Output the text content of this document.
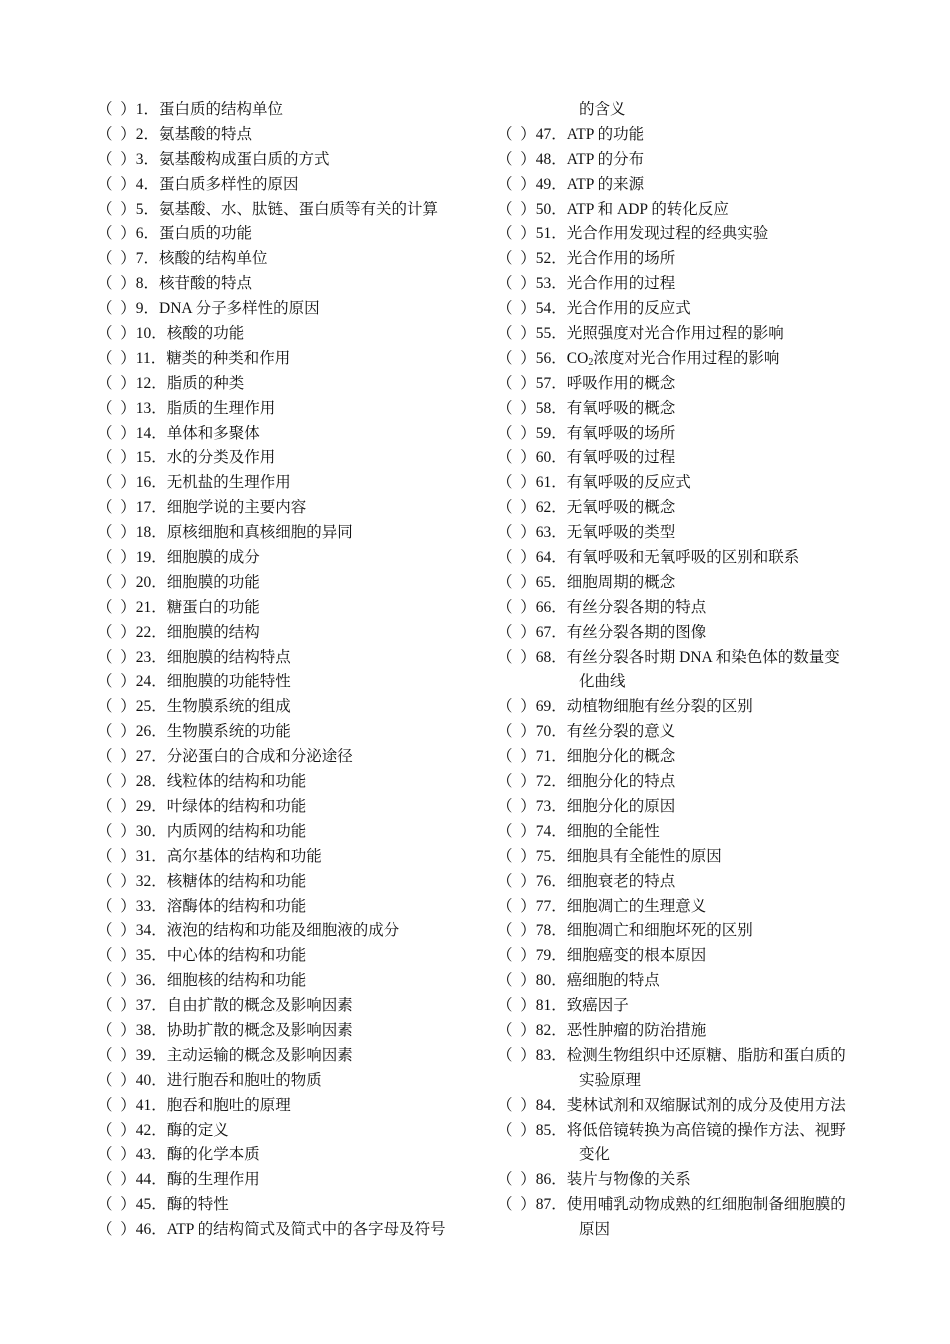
（ ）1．蛋白质的结构单位
（ ）2．氨基酸的特点
（ ）3．氨基酸构成蛋白质的方式
（ ）4．蛋白质多样性的原因
（ ）5．氨基酸、水、肽链、蛋白质等有关的计算
（ ）6．蛋白质的功能
（ ）7．核酸的结构单位
（ ）8．核苷酸的特点
（ ）9．DNA 分子多样性的原因
（ ）10．核酸的功能
（ ）11．糖类的种类和作用
（ ）12．脂质的种类
（ ）13．脂质的生理作用
（ ）14．单体和多聚体
（ ）15．水的分类及作用
（ ）16．无机盐的生理作用
（ ）17．细胞学说的主要内容
（ ）18．原核细胞和真核细胞的异同
（ ）19．细胞膜的成分
（ ）20．细胞膜的功能
（ ）21．糖蛋白的功能
（ ）22．细胞膜的结构
（ ）23．细胞膜的结构特点
（ ）24．细胞膜的功能特性
（ ）25．生物膜系统的组成
（ ）26．生物膜系统的功能
（ ）27．分泌蛋白的合成和分泌途径
（ ）28．线粒体的结构和功能
（ ）29．叶绿体的结构和功能
（ ）30．内质网的结构和功能
（ ）31．高尔基体的结构和功能
（ ）32．核糖体的结构和功能
（ ）33．溶酶体的结构和功能
（ ）34．液泡的结构和功能及细胞液的成分
（ ）35．中心体的结构和功能
（ ）36．细胞核的结构和功能
（ ）37．自由扩散的概念及影响因素
（ ）38．协助扩散的概念及影响因素
（ ）39．主动运输的概念及影响因素
（ ）40．进行胞吞和胞吐的物质
（ ）41．胞吞和胞吐的原理
（ ）42．酶的定义
（ ）43．酶的化学本质
（ ）44．酶的生理作用
（ ）45．酶的特性
（ ）46．ATP 的结构简式及简式中的各字母及符号
的含义
（ ）47．ATP 的功能
（ ）48．ATP 的分布
（ ）49．ATP 的来源
（ ）50．ATP 和 ADP 的转化反应
（ ）51．光合作用发现过程的经典实验
（ ）52．光合作用的场所
（ ）53．光合作用的过程
（ ）54．光合作用的反应式
（ ）55．光照强度对光合作用过程的影响
（ ）56．$CO_2$浓度对光合作用过程的影响
（ ）57．呼吸作用的概念
（ ）58．有氧呼吸的概念
（ ）59．有氧呼吸的场所
（ ）60．有氧呼吸的过程
（ ）61．有氧呼吸的反应式
（ ）62．无氧呼吸的概念
（ ）63．无氧呼吸的类型
（ ）64．有氧呼吸和无氧呼吸的区别和联系
（ ）65．细胞周期的概念
（ ）66．有丝分裂各期的特点
（ ）67．有丝分裂各期的图像
（ ）68．有丝分裂各时期 DNA 和染色体的数量变
化曲线
（ ）69．动植物细胞有丝分裂的区别
（ ）70．有丝分裂的意义
（ ）71．细胞分化的概念
（ ）72．细胞分化的特点
（ ）73．细胞分化的原因
（ ）74．细胞的全能性
（ ）75．细胞具有全能性的原因
（ ）76．细胞衰老的特点
（ ）77．细胞凋亡的生理意义
（ ）78．细胞凋亡和细胞坏死的区别
（ ）79．细胞癌变的根本原因
（ ）80．癌细胞的特点
（ ）81．致癌因子
（ ）82．恶性肿瘤的防治措施
（ ）83．检测生物组织中还原糖、脂肪和蛋白质的
实验原理
（ ）84．斐林试剂和双缩脲试剂的成分及使用方法
（ ）85．将低倍镜转换为高倍镜的操作方法、视野
变化
（ ）86．装片与物像的关系
（ ）87．使用哺乳动物成熟的红细胞制备细胞膜的
原因
